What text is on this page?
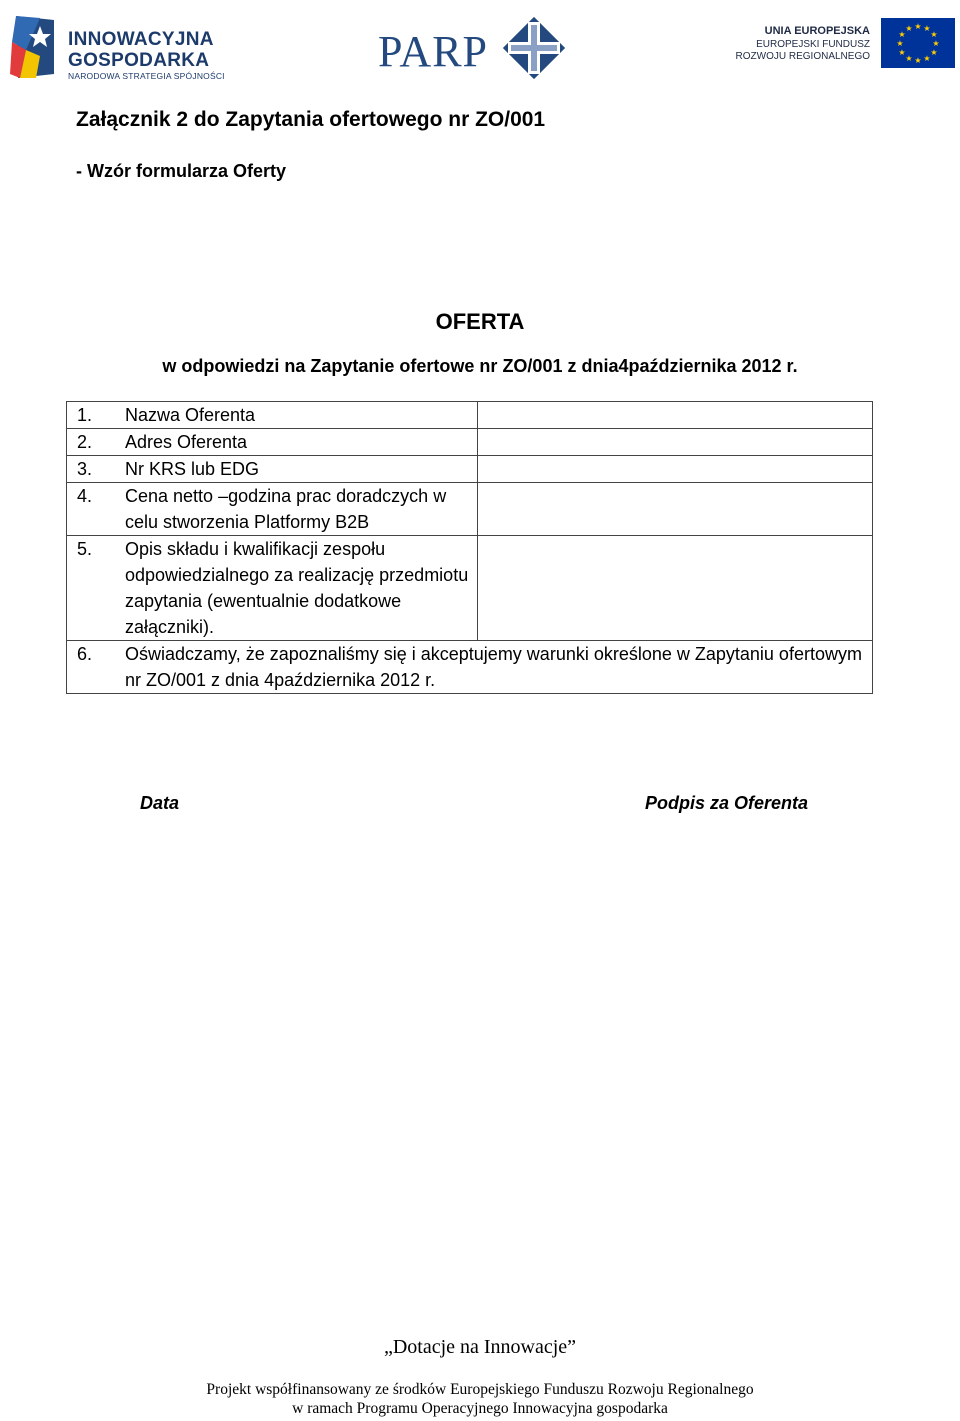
INNOWACYJNA
GOSPODARKA
NARODOWA STRATEGIA SPÓJNOŚCI	PARP	UNIA EUROPEJSKA
EUROPEJSKI FUNDUSZ
ROZWOJU REGIONALNEGO
★ ★
★
★
★
★
★
★
★
★
★
★
Załącznik 2 do Zapytania ofertowego nr ZO/001
- Wzór formularza Oferty
OFERTA
w odpowiedzi na Zapytanie ofertowe nr ZO/001 z dnia4października 2012 r.
1. Nazwa Oferenta	

2. Adres Oferenta	

3. Nr KRS lub EDG	

4. Cena netto –godzina prac doradczych w celu stworzenia Platformy B2B	

5. Opis składu i kwalifikacji zespołu odpowiedzialnego za realizację przedmiotu zapytania (ewentualnie dodatkowe załączniki).	

6. Oświadczamy, że zapoznaliśmy się i akceptujemy warunki określone w Zapytaniu ofertowym nr ZO/001 z dnia 4października 2012 r.	
Data	Podpis za Oferenta
„Dotacje na Innowacje”
Projekt współfinansowany ze środków Europejskiego Funduszu Rozwoju Regionalnego
w ramach Programu Operacyjnego Innowacyjna gospodarka
